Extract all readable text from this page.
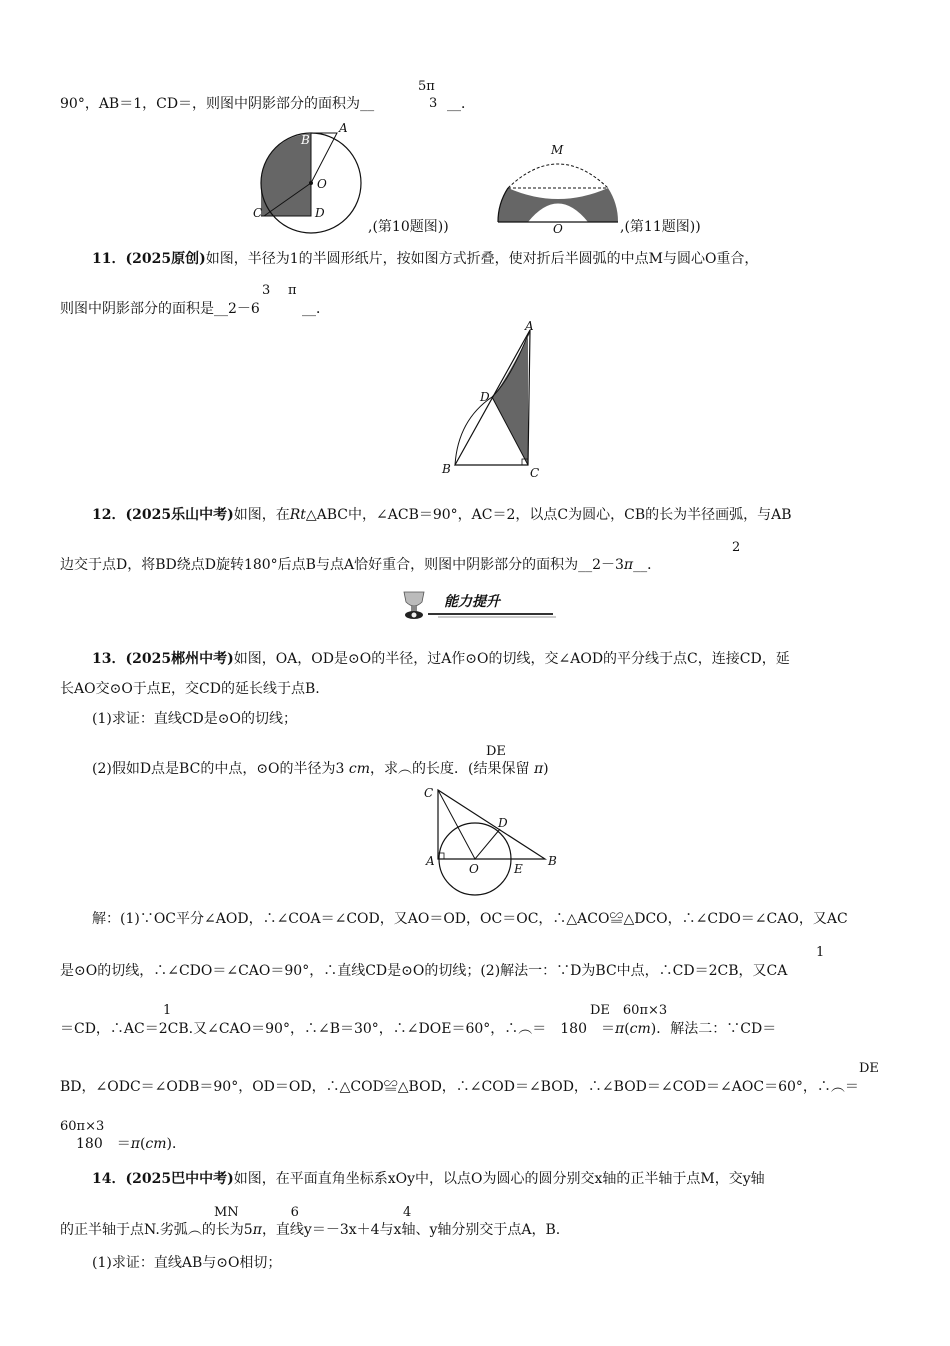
5π
90°，AB＝1，CD＝，则图中阴影部分的面积为__	3 __．
A
B
O
C	D
,(第10题图))
M
O	,(第11题图))
11．(2025原创)如图，半径为1的半圆形纸片，按如图方式折叠，使对折后半圆弧的中点M与圆心O重合，
3 π
则图中阴影部分的面积是__2－6	__．
A
D
B	C
12．(2025乐山中考)如图，在Rt△ABC中，∠ACB＝90°，AC＝2，以点C为圆心，CB的长为半径画弧，与AB
2
边交于点D，将BD绕点D旋转180°后点B与点A恰好重合，则图中阴影部分的面积为__2－3π__．
能力提升
13．(2025郴州中考)如图，OA，OD是⊙O的半径，过A作⊙O的切线，交∠AOD的平分线于点C，连接CD，延
长AO交⊙O于点E，交CD的延长线于点B.
(1)求证：直线CD是⊙O的切线；
DE
(2)假如D点是BC的中点，⊙O的半径为3 cm，求︵的长度．(结果保留 π)
C
D
A
O	E
B
解：(1)∵OC平分∠AOD，∴∠COA＝∠COD，又AO＝OD，OC＝OC，∴△ACO≌△DCO，∴∠CDO＝∠CAO，又AC
1
是⊙O的切线，∴∠CDO＝∠CAO＝90°，∴直线CD是⊙O的切线；(2)解法一：∵D为BC中点，∴CD＝2CB，又CA
1	DE　60π×3
＝CD，∴AC＝2CB.又∠CAO＝90°，∴∠B＝30°，∴∠DOE＝60°，∴︵＝　180　＝π(cm)．解法二：∵CD＝
DE
BD，∠ODC＝∠ODB＝90°，OD＝OD，∴△COD≌△BOD，∴∠COD＝∠BOD，∴∠BOD＝∠COD＝∠AOC＝60°，∴︵＝
60π×3
180　＝π(cm)．
14．(2025巴中中考)如图，在平面直角坐标系xOy中，以点O为圆心的圆分别交x轴的正半轴于点M，交y轴
MN　　　　6　　　　　　　　4
的正半轴于点N.劣弧︵的长为5π，直线y＝－3x＋4与x轴、y轴分别交于点A，B.
(1)求证：直线AB与⊙O相切；
